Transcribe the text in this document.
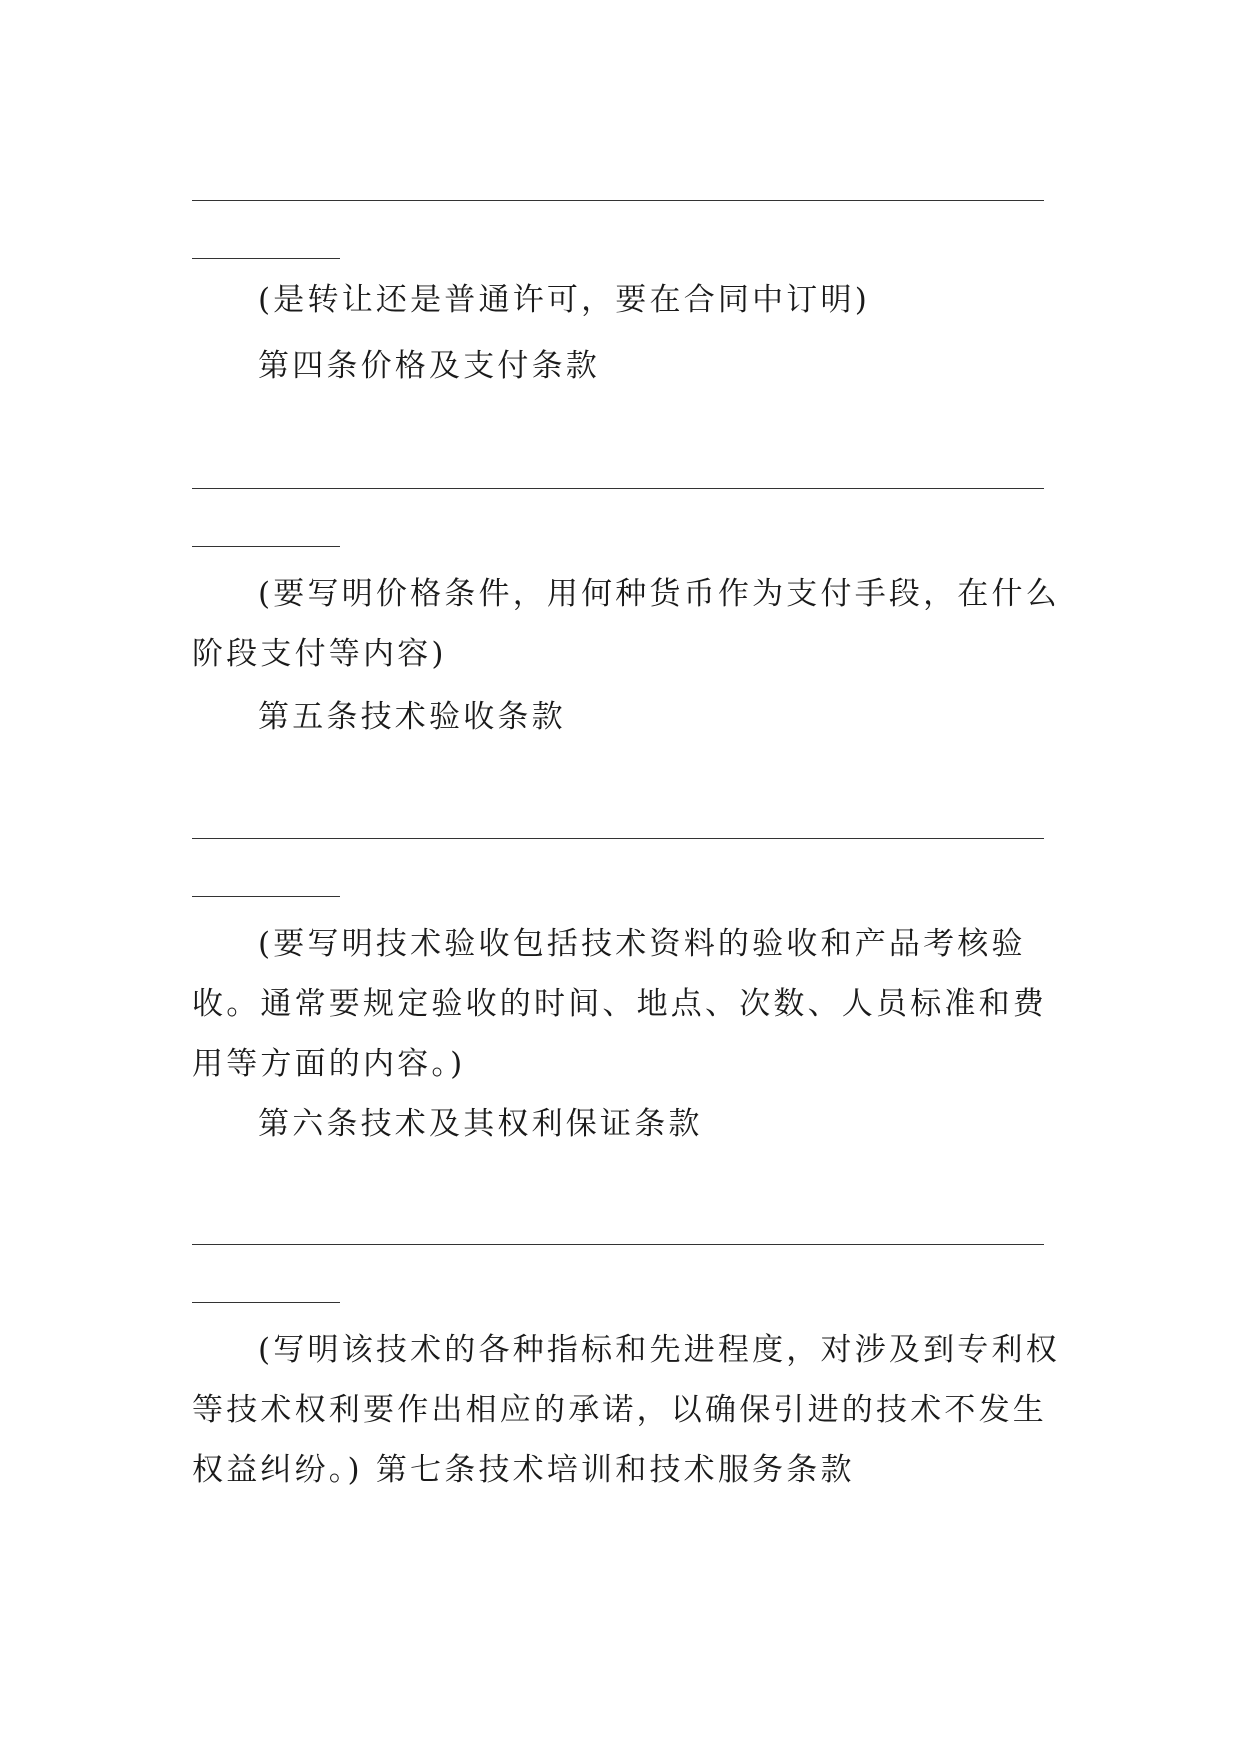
(是转让还是普通许可，要在合同中订明)

第四条价格及支付条款

(要写明价格条件，用何种货币作为支付手段，在什么阶段支付等内容)

第五条技术验收条款

(要写明技术验收包括技术资料的验收和产品考核验收。通常要规定验收的时间、地点、次数、人员标准和费用等方面的内容。)

第六条技术及其权利保证条款

(写明该技术的各种指标和先进程度，对涉及到专利权等技术权利要作出相应的承诺，以确保引进的技术不发生权益纠纷。) 第七条技术培训和技术服务条款
